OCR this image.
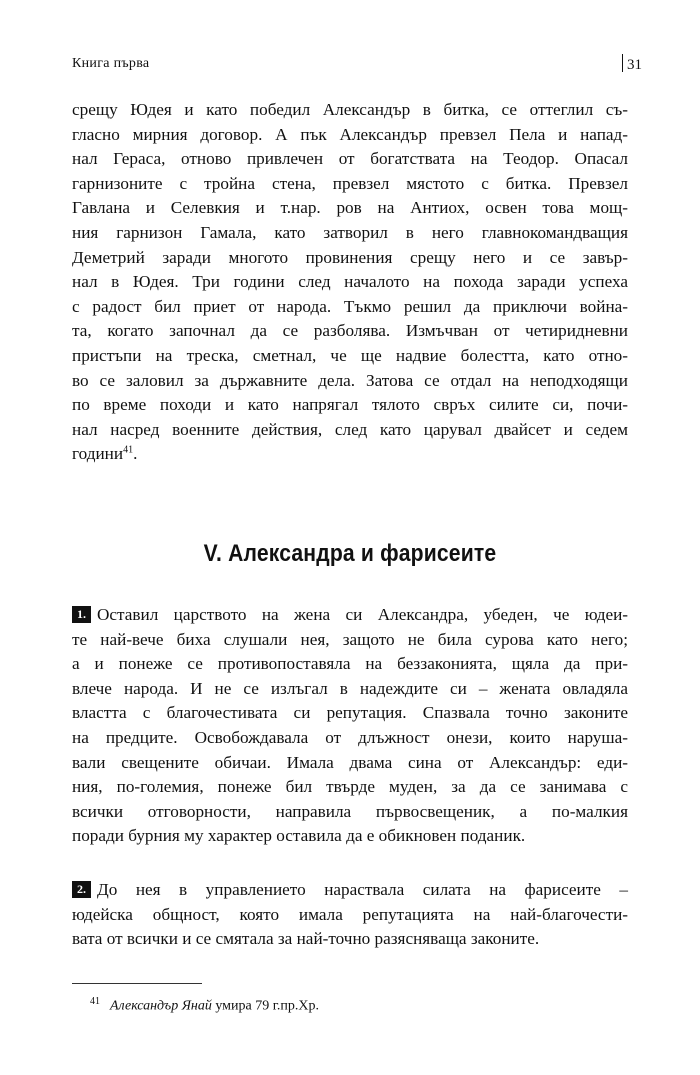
Книга първа	31
срещу Юдея и като победил Александър в битка, се оттеглил съ-
гласно мирния договор. А пък Александър превзел Пела и напад-
нал Гераса, отново привлечен от богатствата на Теодор. Опасал
гарнизоните с тройна стена, превзел мястото с битка. Превзел
Гавлана и Селевкия и т.нар. ров на Антиох, освен това мощ-
ния гарнизон Гамала, като затворил в него главнокомандващия
Деметрий заради многото провинения срещу него и се завър-
нал в Юдея. Три години след началото на похода заради успеха
с радост бил приет от народа. Тъкмо решил да приключи война-
та, когато започнал да се разболява. Измъчван от четиридневни
пристъпи на треска, сметнал, че ще надвие болестта, като отно-
во се заловил за държавните дела. Затова се отдал на неподходящи
по време походи и като напрягал тялото свръх силите си, почи-
нал насред военните действия, след като царувал двайсет и седем
години$^{41}$.
V. Александра и фарисеите
1. Оставил царството на жена си Александра, убеден, че юдеи-
те най-вече биха слушали нея, защото не била сурова като него;
а и понеже се противопоставяла на беззаконията, щяла да при-
влече народа. И не се излъгал в надеждите си – жената овладяла
властта с благочестивата си репутация. Спазвала точно законите
на предците. Освобождавала от длъжност онези, които наруша-
вали свещените обичаи. Имала двама сина от Александър: еди-
ния, по-големия, понеже бил твърде муден, за да се занимава с
всички отговорности, направила първосвещеник, а по-малкия
поради бурния му характер оставила да е обикновен поданик.
2. До нея в управлението нараствала силата на фарисеите –
юдейска общност, която имала репутацията на най-благочести-
вата от всички и се смятала за най-точно разясняваща законите.
$^{41}$ Александър Янай умира 79 г.пр.Хр.
